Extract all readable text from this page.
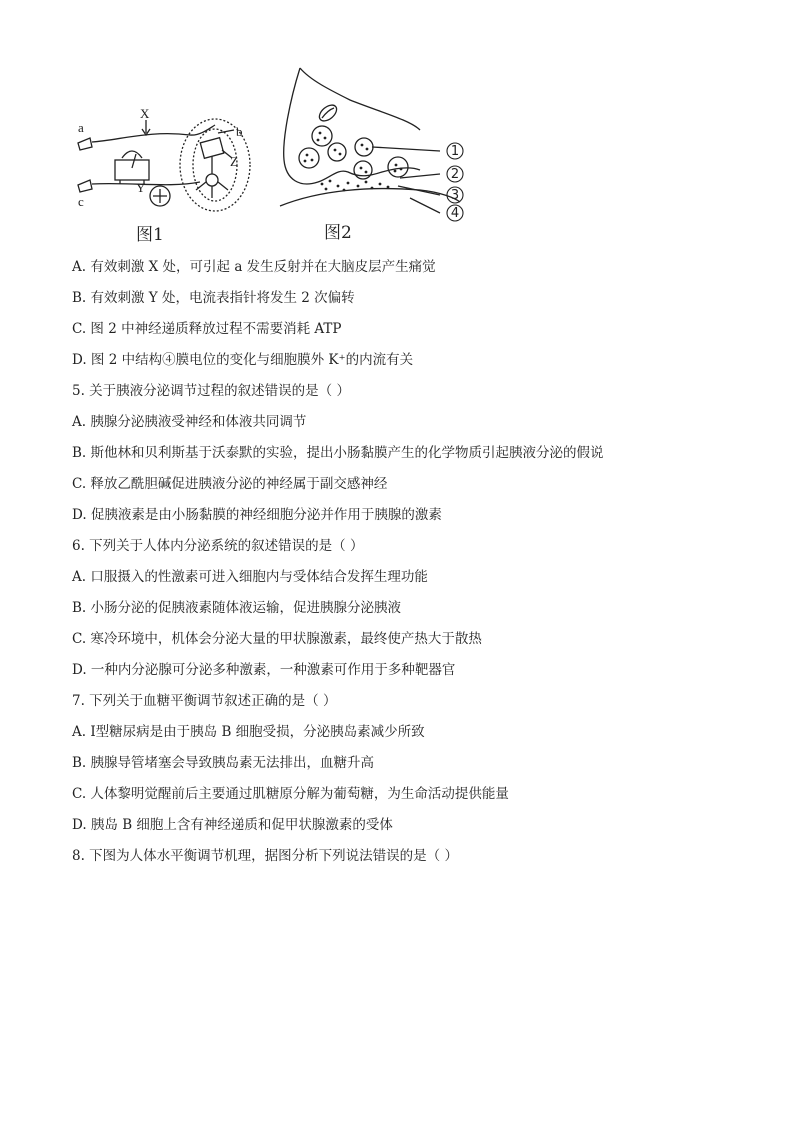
a
X
b
Z
Y
c
1
2
3
4
图1	图2
A. 有效刺激 X 处，可引起 a 发生反射并在大脑皮层产生痛觉
B. 有效刺激 Y 处，电流表指针将发生 2 次偏转
C. 图 2 中神经递质释放过程不需要消耗 ATP
D. 图 2 中结构④膜电位的变化与细胞膜外 K⁺的内流有关
5. 关于胰液分泌调节过程的叙述错误的是（ ）
A. 胰腺分泌胰液受神经和体液共同调节
B. 斯他林和贝利斯基于沃泰默的实验，提出小肠黏膜产生的化学物质引起胰液分泌的假说
C. 释放乙酰胆碱促进胰液分泌的神经属于副交感神经
D. 促胰液素是由小肠黏膜的神经细胞分泌并作用于胰腺的激素
6. 下列关于人体内分泌系统的叙述错误的是（ ）
A. 口服摄入的性激素可进入细胞内与受体结合发挥生理功能
B. 小肠分泌的促胰液素随体液运输，促进胰腺分泌胰液
C. 寒冷环境中，机体会分泌大量的甲状腺激素，最终使产热大于散热
D. 一种内分泌腺可分泌多种激素，一种激素可作用于多种靶器官
7. 下列关于血糖平衡调节叙述正确的是（ ）
A. Ⅰ型糖尿病是由于胰岛 B 细胞受损，分泌胰岛素减少所致
B. 胰腺导管堵塞会导致胰岛素无法排出，血糖升高
C. 人体黎明觉醒前后主要通过肌糖原分解为葡萄糖，为生命活动提供能量
D. 胰岛 B 细胞上含有神经递质和促甲状腺激素的受体
8. 下图为人体水平衡调节机理，据图分析下列说法错误的是（ ）
